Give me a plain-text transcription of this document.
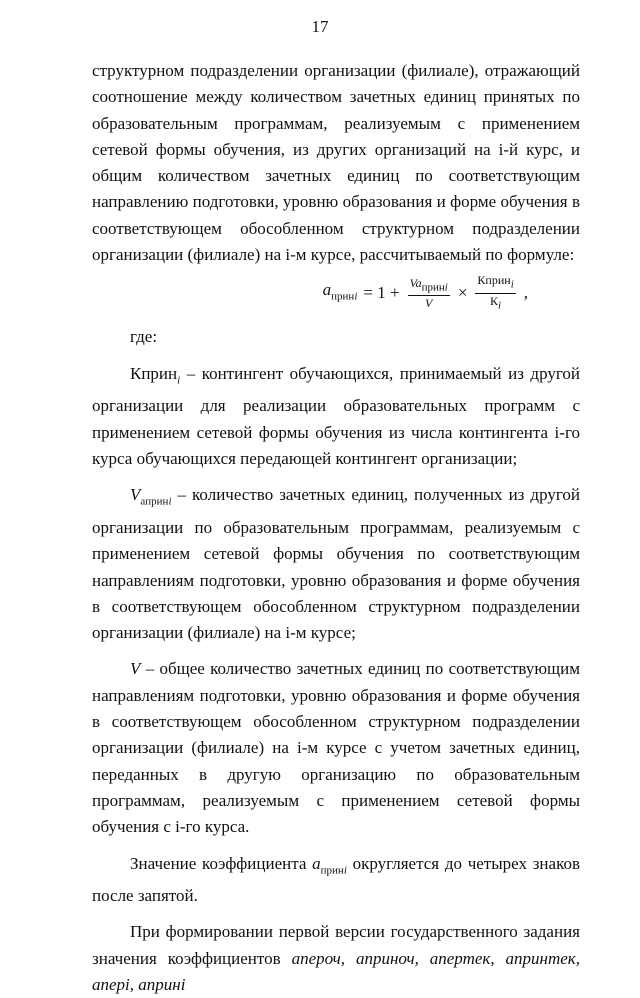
17

структурном подразделении организации (филиале), отражающий соотношение между количеством зачетных единиц принятых по образовательным программам, реализуемым с применением сетевой формы обучения, из других организаций на i-й курс, и общим количеством зачетных единиц по соответствующим направлению подготовки, уровню образования и форме обучения в соответствующем обособленном структурном подразделении организации (филиале) на i-м курсе, рассчитываемый по формуле:

$a_{принi} = 1 + \frac{Va_{принi}}{V} \times \frac{Кприн_i}{К_i}$ ,

где:

Кприн$_i$ – контингент обучающихся, принимаемый из другой организации для реализации образовательных программ с применением сетевой формы обучения из числа контингента i-го курса обучающихся передающей контингент организации;

$V_{aпринi}$ – количество зачетных единиц, полученных из другой организации по образовательным программам, реализуемым с применением сетевой формы обучения по соответствующим направлениям подготовки, уровню образования и форме обучения в соответствующем обособленном структурном подразделении организации (филиале) на i-м курсе;

V – общее количество зачетных единиц по соответствующим направлениям подготовки, уровню образования и форме обучения в соответствующем обособленном структурном подразделении организации (филиале) на i-м курсе с учетом зачетных единиц, переданных в другую организацию по образовательным программам, реализуемым с применением сетевой формы обучения с i-го курса.

Значение коэффициента $a_{принi}$ округляется до четырех знаков после запятой.

При формировании первой версии государственного задания значения коэффициентов aпероч, aприноч, aпертек, aпринтек, aперi, aпринi
